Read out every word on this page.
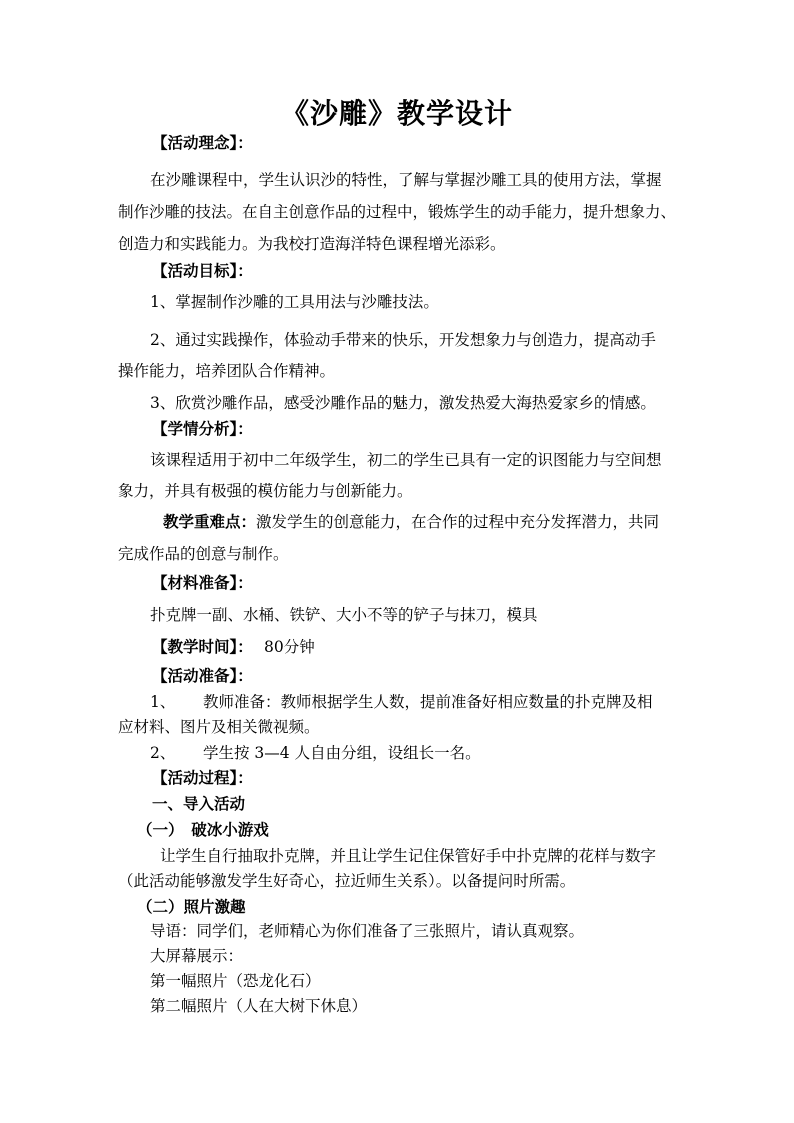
《沙雕》教学设计
【活动理念】：
在沙雕课程中，学生认识沙的特性，了解与掌握沙雕工具的使用方法，掌握
制作沙雕的技法。在自主创意作品的过程中，锻炼学生的动手能力，提升想象力、
创造力和实践能力。为我校打造海洋特色课程增光添彩。
【活动目标】：
1、掌握制作沙雕的工具用法与沙雕技法。
2、通过实践操作，体验动手带来的快乐，开发想象力与创造力，提高动手
操作能力，培养团队合作精神。
3、欣赏沙雕作品，感受沙雕作品的魅力，激发热爱大海热爱家乡的情感。
【学情分析】：
该课程适用于初中二年级学生，初二的学生已具有一定的识图能力与空间想
象力，并具有极强的模仿能力与创新能力。
教学重难点： 激发学生的创意能力，在合作的过程中充分发挥潜力，共同
完成作品的创意与制作。
【材料准备】：
扑克牌一副、水桶、铁铲、大小不等的铲子与抹刀，模具
【教学时间】： 80分钟
【活动准备】：
1、 教师准备：教师根据学生人数，提前准备好相应数量的扑克牌及相
应材料、图片及相关微视频。
2、 学生按 3—4 人自由分组，设组长一名。
【活动过程】：
一、导入活动
（一）　破冰小游戏
让学生自行抽取扑克牌，并且让学生记住保管好手中扑克牌的花样与数字
（此活动能够激发学生好奇心，拉近师生关系）。以备提问时所需。
（二）照片激趣
导语：同学们，老师精心为你们准备了三张照片，请认真观察。
大屏幕展示：
第一幅照片（恐龙化石）
第二幅照片（人在大树下休息）
